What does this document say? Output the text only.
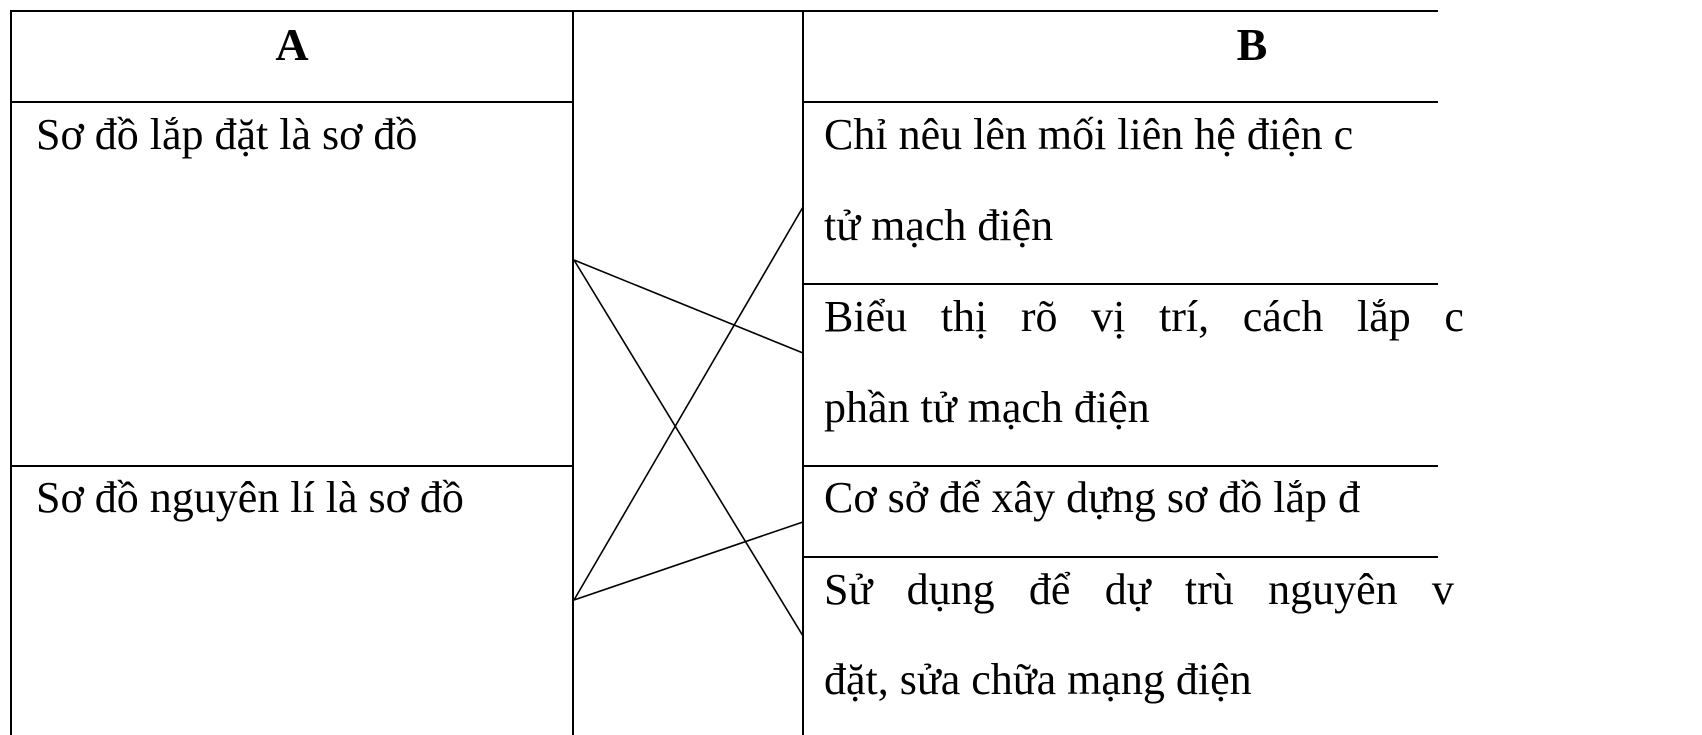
A	B
Sơ đồ lắp đặt là sơ đồ
Sơ đồ nguyên lí là sơ đồ
Chỉ nêu lên mối liên hệ điện c
tử mạch điện
Biểu thị rõ vị trí, cách lắp c
phần tử mạch điện
Cơ sở để xây dựng sơ đồ lắp đ
Sử dụng để dự trù nguyên v
đặt, sửa chữa mạng điện
